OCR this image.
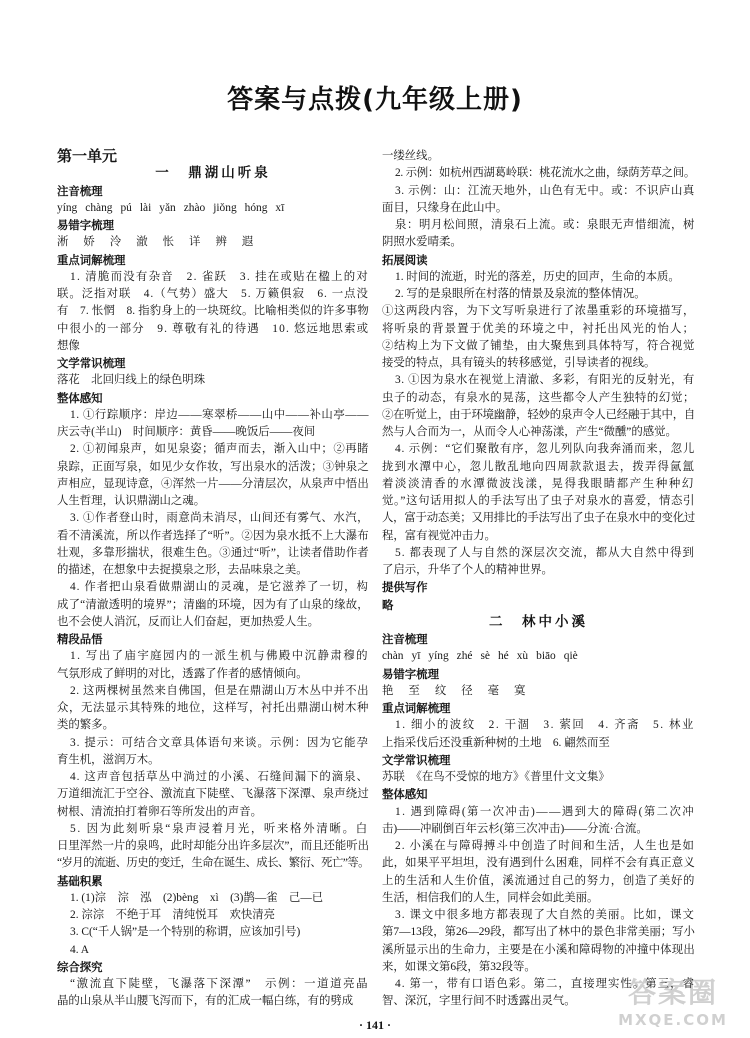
答案与点拨(九年级上册)
第一单元
一　鼎湖山听泉
注音梳理
yíng chàng pú lài yǎn zhào jiǒng hóng xī
易错字梳理
淅 娇 泠 澈 怅 详 辨 遐
重点词解梳理
1. 清脆而没有杂音　2. 雀跃　3. 挂在或贴在楹上的对
联。泛指对联　4.（气势）盛大　5. 万籁俱寂　6. 一点没
有　7. 怅惘　8. 指豹身上的一块斑纹。比喻相类似的许多事物
中很小的一部分　9. 尊敬有礼的待遇　10. 悠远地思索或
想像
文学常识梳理
落花　北回归线上的绿色明珠
整体感知
1. ①行踪顺序：岸边——寒翠桥——山中——补山亭——
庆云寺(半山)　时间顺序：黄昏——晚饭后——夜间
2. ①初闻泉声，如见泉姿；循声而去，渐入山中；②再睹
泉踪，正面写泉，如见少女作妆，写出泉水的活泼；③钟泉之
声相应，显现诗意，④浑然一片——分清层次，从泉声中悟出
人生哲理，认识鼎湖山之魂。
3. ①作者登山时，雨意尚未消尽，山间还有雾气、水汽，
看不清溪流，所以作者选择了“听”。②因为泉水抵不上大瀑布
壮观，多靠形揣状，很难生色。③通过“听”，让读者借助作者
的描述，在想象中去捉摸泉之形，去品味泉之美。
4. 作者把山泉看做鼎湖山的灵魂，是它滋养了一切，构
成了“清澈透明的境界”；清幽的环境，因为有了山泉的缘故，
也不会使人消沉，反而让人们奋起，更加热爱人生。
精段品悟
1. 写出了庙宇庭园内的一派生机与佛殿中沉静肃穆的
气氛形成了鲜明的对比，透露了作者的感情倾向。
2. 这两棵树虽然来自佛国，但是在鼎湖山万木丛中并不出
众，无法显示其特殊的地位，这样写，衬托出鼎湖山树木种
类的繁多。
3. 提示：可结合文章具体语句来谈。示例：因为它能孕
育生机，滋润万木。
4. 这声音包括草丛中淌过的小溪、石缝间漏下的滴泉、
万道细流汇于空谷、激流直下陡壁、飞瀑落下深潭、泉声绕过
树根、清流拍打着卵石等所发出的声音。
5. 因为此刻听泉“泉声浸着月光，听来格外清晰。白
日里浑然一片的泉鸣，此时却能分出许多层次”，而且还能听出
“岁月的流逝、历史的变迁，生命在诞生、成长、繁衍、死亡”等。
基础积累
1. (1)淙　淙　泓　(2)bèng　xì　(3)鹊—雀　己—已
2. 淙淙　不绝于耳　清纯悦耳　欢快清亮
3. C(“千人锅”是一个特别的称谓，应该加引号)
4. A
综合探究
“激流直下陡壁，飞瀑落下深潭”　示例：一道道亮晶
晶的山泉从半山腰飞泻而下，有的汇成一幅白练，有的劈成
一缕丝线。
2. 示例：如杭州西湖葛岭联：桃花流水之曲，绿荫芳草之间。
3. 示例：山：江流天地外，山色有无中。或：不识庐山真
面目，只缘身在此山中。
泉：明月松间照，清泉石上流。或：泉眼无声惜细流，树
阴照水爱晴柔。
拓展阅读
1. 时间的流逝，时光的落差，历史的回声，生命的本质。
2. 写的是泉眼所在村落的情景及泉流的整体情况。
①这两段内容，为下文写听泉进行了浓墨重彩的环境描写，
将听泉的背景置于优美的环境之中，衬托出风光的怡人；
②结构上为下文做了铺垫，由大聚焦到具体特写，符合视觉
接受的特点，具有镜头的转移感觉，引导读者的视线。
3. ①因为泉水在视觉上清澈、多彩，有阳光的反射光，有
虫子的动态，有泉水的晃荡，这些都令人产生独特的幻觉；
②在听觉上，由于环境幽静，轻妙的泉声令人已经融于其中，自
然与人合而为一，从而令人心神荡漾，产生“微醺”的感觉。
4. 示例：“它们聚散有序，忽儿列队向我奔涌而来，忽儿
拢到水潭中心，忽儿散乱地向四周款款退去，拨弄得氤氲
着淡淡清香的水潭微波浅漾，晃得我眼睛都产生种种幻
觉。”这句话用拟人的手法写出了虫子对泉水的喜爱，情态引
人，富于动态美；又用排比的手法写出了虫子在泉水中的变化过
程，富有视觉冲击力。
5. 都表现了人与自然的深层次交流，都从大自然中得到
了启示，升华了个人的精神世界。
提供写作
略
二　林中小溪
注音梳理
chàn yī yíng zhé sè hé xù biāo qiè
易错字梳理
艳 至 纹 径 毫 寞
重点词解梳理
1. 细小的波纹　2. 干涸　3. 萦回　4. 齐斋　5. 林业
上指采伐后还没重新种树的土地　6. 翩然而至
文学常识梳理
苏联　《在鸟不受惊的地方》《普里什文文集》
整体感知
1. 遇到障碍(第一次冲击)——遇到大的障碍(第二次冲
击)——冲刷倒百年云杉(第三次冲击)——分流·合流。
2. 小溪在与障碍搏斗中创造了时间和生活，人生也是如
此，如果平平坦坦，没有遇到什么困难，同样不会有真正意义
上的生活和人生价值，溪流通过自己的努力，创造了美好的
生活，相信我们的人生，同样会如此美丽。
3. 课文中很多地方都表现了大自然的美丽。比如，课文
第7—13段，第26—29段，都写出了林中的景色非常美丽；写小
溪所显示出的生命力，主要是在小溪和障碍物的冲撞中体现出
来，如课文第6段，第32段等。
4. 第一，带有口语色彩。第二，直接理实性。第三，睿
智、深沉，字里行间不时透露出灵气。
· 141 ·
答案圈
MXQE.COM
